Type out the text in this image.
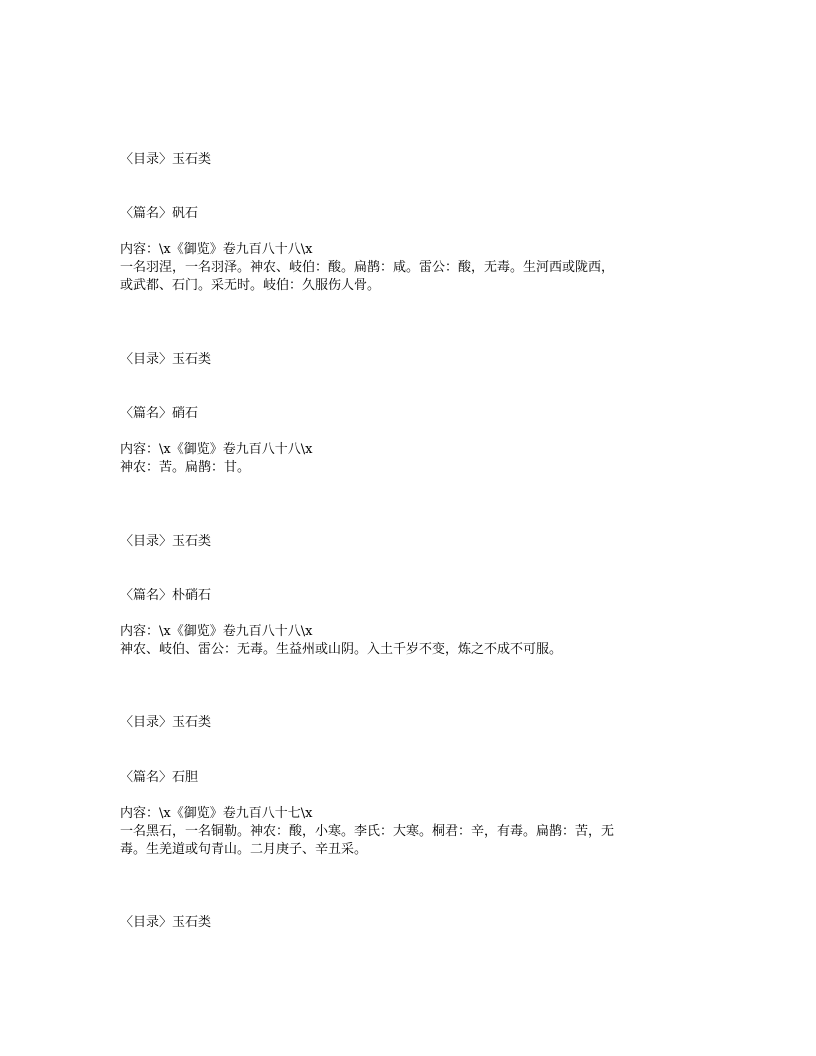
〈目录〉玉石类
〈篇名〉矾石
内容：\x《御览》卷九百八十八\x
一名羽涅，一名羽泽。神农、岐伯：酸。扁鹊：咸。雷公：酸，无毒。生河西或陇西，
或武都、石门。采无时。岐伯：久服伤人骨。
〈目录〉玉石类
〈篇名〉硝石
内容：\x《御览》卷九百八十八\x
神农：苦。扁鹊：甘。
〈目录〉玉石类
〈篇名〉朴硝石
内容：\x《御览》卷九百八十八\x
神农、岐伯、雷公：无毒。生益州或山阴。入土千岁不变，炼之不成不可服。
〈目录〉玉石类
〈篇名〉石胆
内容：\x《御览》卷九百八十七\x
一名黑石，一名铜勒。神农：酸，小寒。李氏：大寒。桐君：辛，有毒。扁鹊：苦，无
毒。生羌道或句青山。二月庚子、辛丑采。
〈目录〉玉石类
